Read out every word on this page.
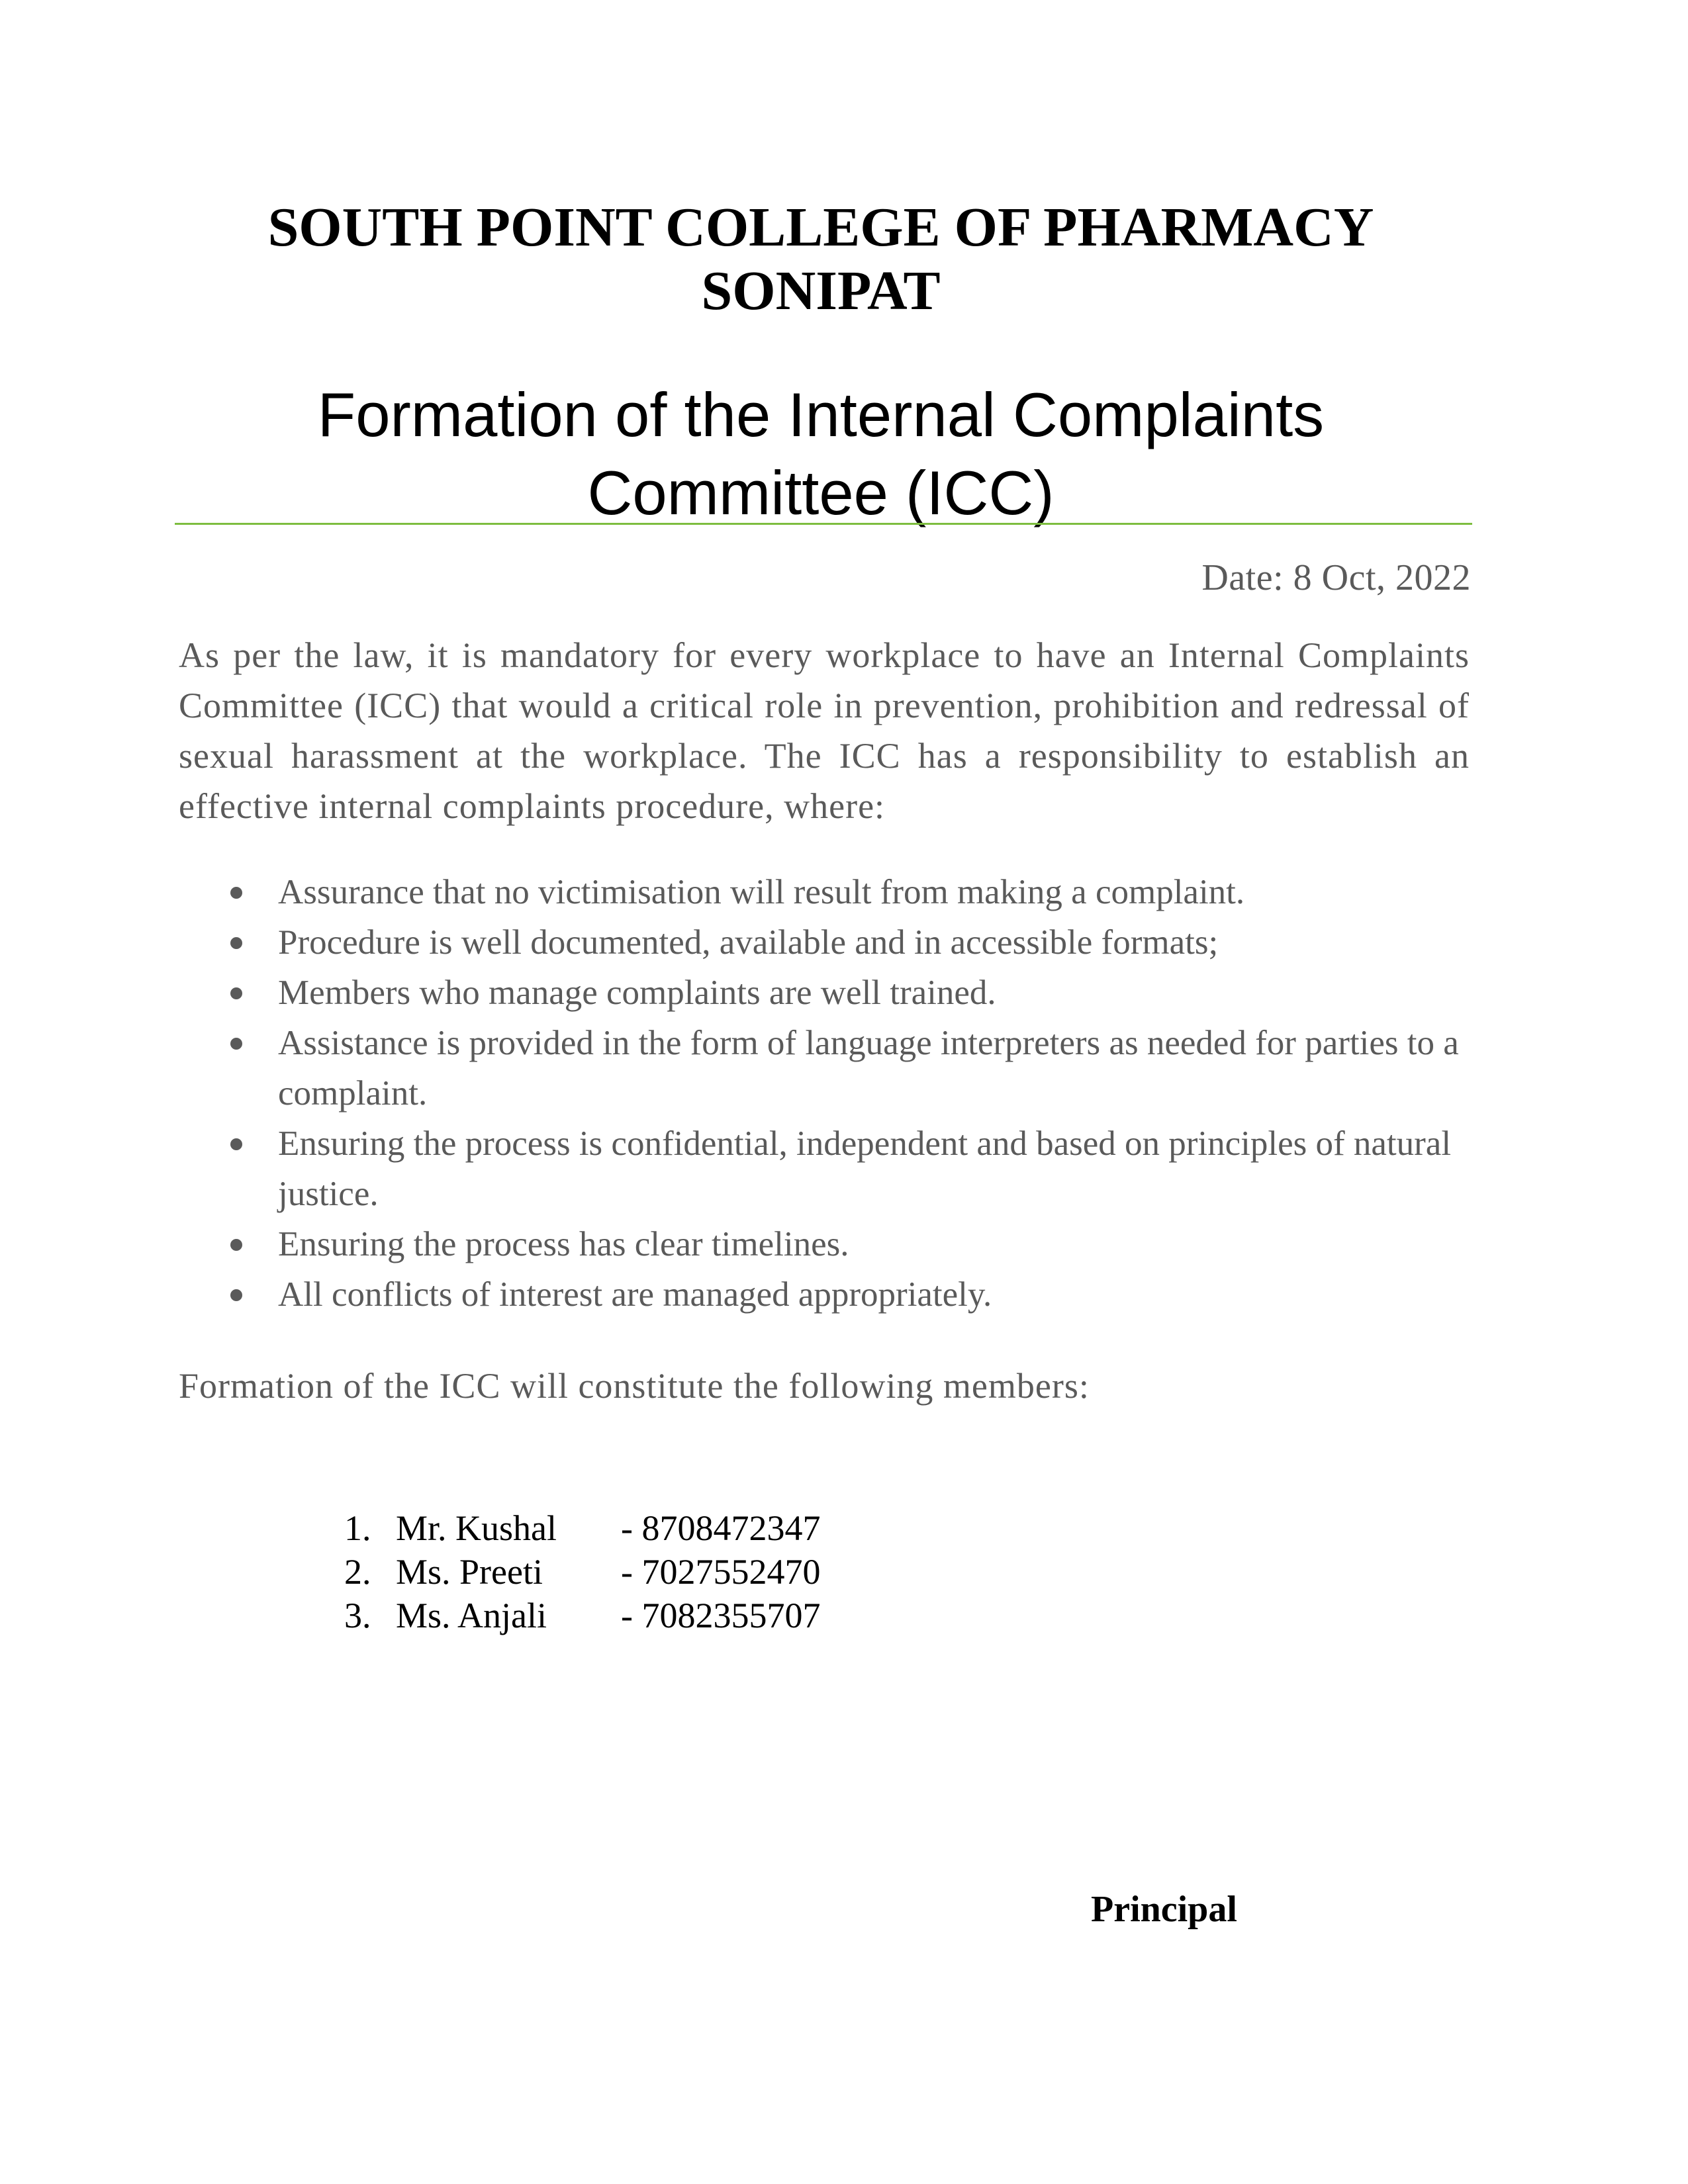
SOUTH POINT COLLEGE OF PHARMACY
SONIPAT
Formation of the Internal Complaints
Committee (ICC)
Date: 8 Oct, 2022

As per the law, it is mandatory for every workplace to have an Internal Complaints Committee (ICC) that would a critical role in prevention, prohibition and redressal of sexual harassment at the workplace. The ICC has a responsibility to establish an effective internal complaints procedure, where:

Assurance that no victimisation will result from making a complaint.
Procedure is well documented, available and in accessible formats;
Members who manage complaints are well trained.
Assistance is provided in the form of language interpreters as needed for parties to a complaint.
Ensuring the process is confidential, independent and based on principles of natural justice.
Ensuring the process has clear timelines.
All conflicts of interest are managed appropriately.

Formation of the ICC will constitute the following members:

1. Mr. Kushal - 8708472347
2. Ms. Preeti - 7027552470
3. Ms. Anjali - 7082355707
Principal
